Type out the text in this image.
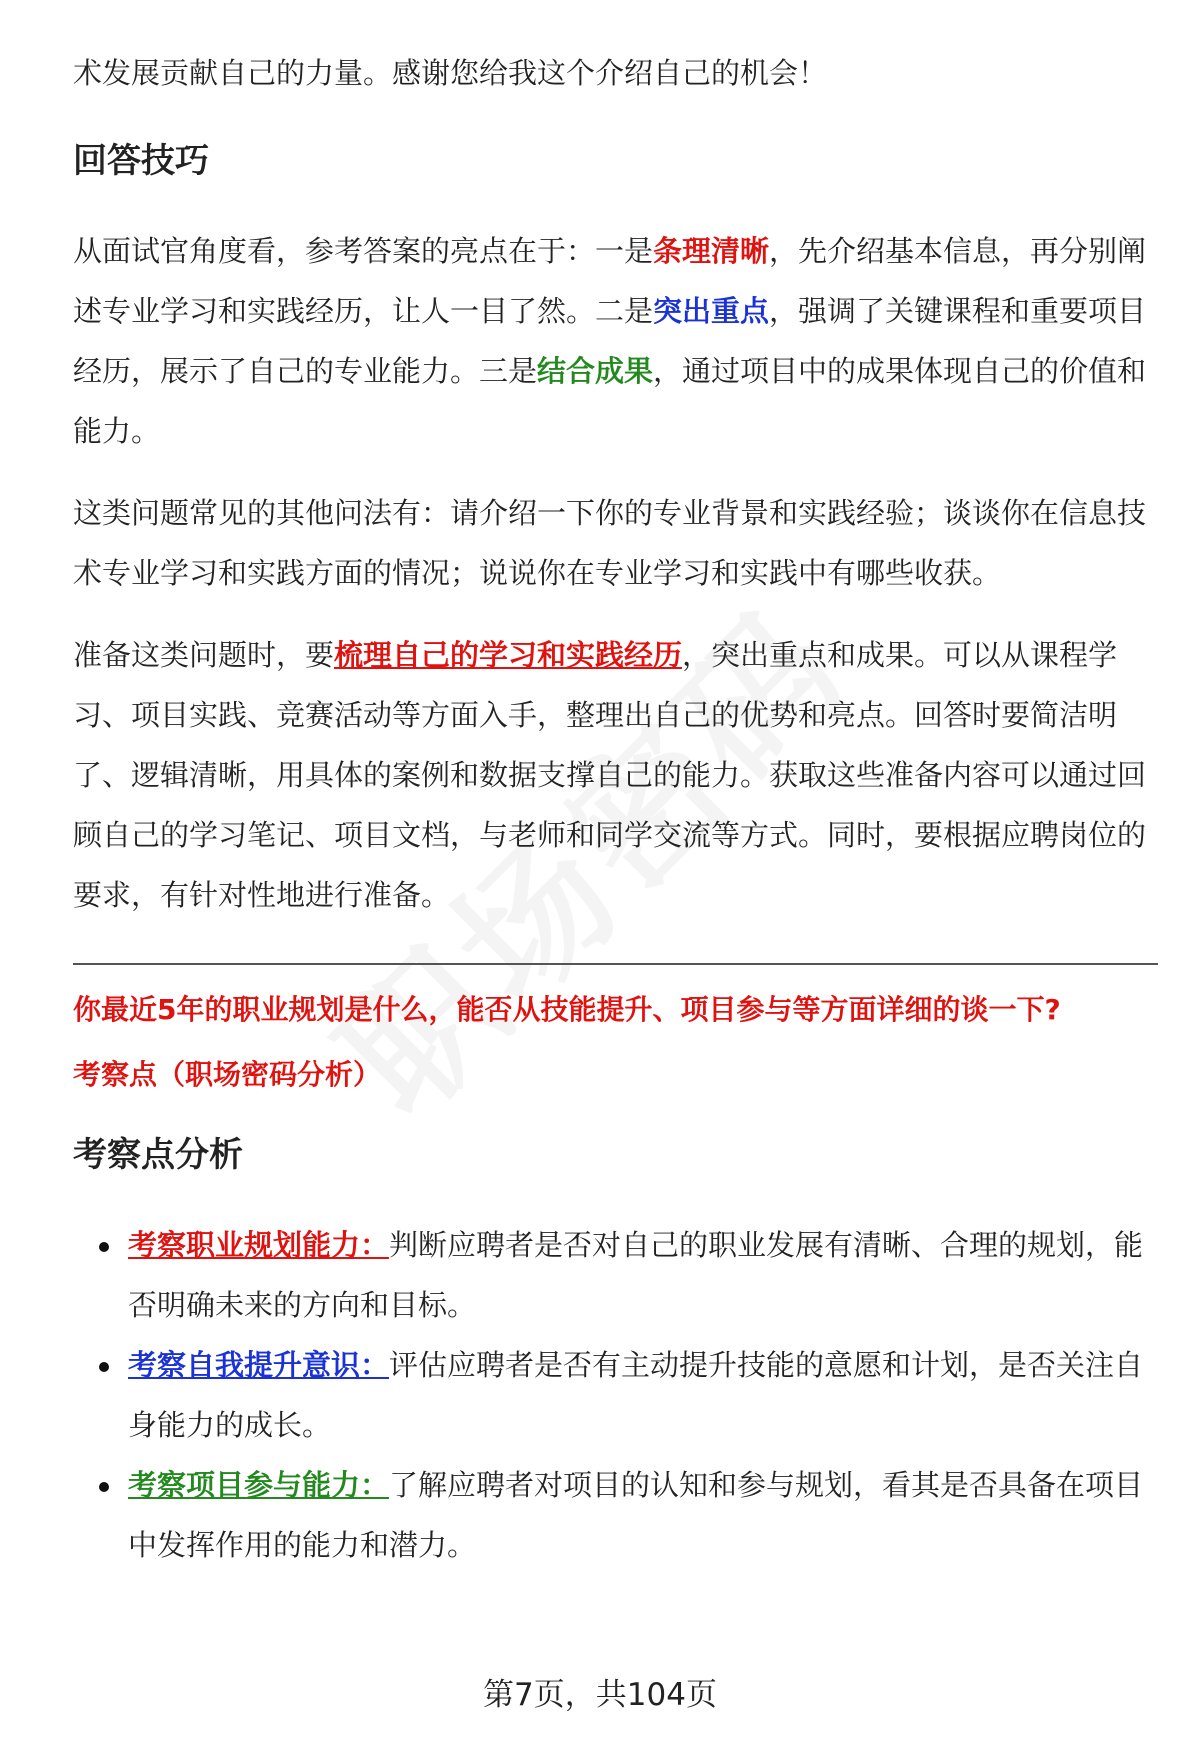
术发展贡献自己的力量。感谢您给我这个介绍自己的机会！

回答技巧

从面试官角度看，参考答案的亮点在于：一是条理清晰，先介绍基本信息，再分别阐述专业学习和实践经历，让人一目了然。二是突出重点，强调了关键课程和重要项目经历，展示了自己的专业能力。三是结合成果，通过项目中的成果体现自己的价值和能力。

这类问题常见的其他问法有：请介绍一下你的专业背景和实践经验；谈谈你在信息技术专业学习和实践方面的情况；说说你在专业学习和实践中有哪些收获。

准备这类问题时，要梳理自己的学习和实践经历，突出重点和成果。可以从课程学习、项目实践、竞赛活动等方面入手，整理出自己的优势和亮点。回答时要简洁明了、逻辑清晰，用具体的案例和数据支撑自己的能力。获取这些准备内容可以通过回顾自己的学习笔记、项目文档，与老师和同学交流等方式。同时，要根据应聘岗位的要求，有针对性地进行准备。

你最近5年的职业规划是什么，能否从技能提升、项目参与等方面详细的谈一下?

考察点（职场密码分析）

考察点分析
考察职业规划能力：判断应聘者是否对自己的职业发展有清晰、合理的规划，能否明确未来的方向和目标。
考察自我提升意识：评估应聘者是否有主动提升技能的意愿和计划，是否关注自身能力的成长。
考察项目参与能力：了解应聘者对项目的认知和参与规划，看其是否具备在项目中发挥作用的能力和潜力。
第7页，共104页
